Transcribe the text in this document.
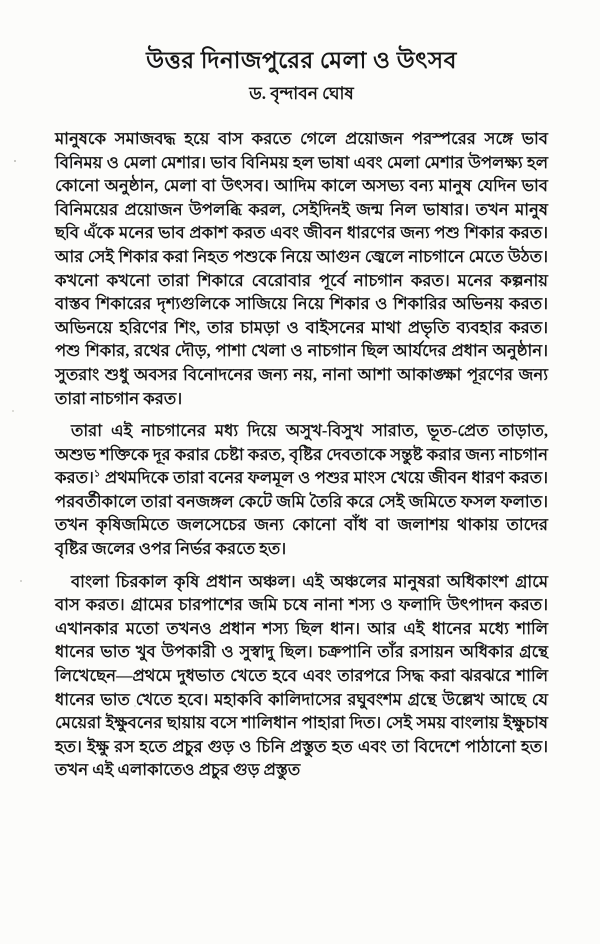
উত্তর দিনাজপুরের মেলা ও উৎসব
ড. বৃন্দাবন ঘোষ

মানুষকে সমাজবদ্ধ হয়ে বাস করতে গেলে প্রয়োজন পরস্পরের সঙ্গে ভাব বিনিময় ও মেলা মেশার। ভাব বিনিময় হল ভাষা এবং মেলা মেশার উপলক্ষ্য হল কোনো অনুষ্ঠান, মেলা বা উৎসব। আদিম কালে অসভ্য বন্য মানুষ যেদিন ভাব বিনিময়ের প্রয়োজন উপলব্ধি করল, সেইদিনই জন্ম নিল ভাষার। তখন মানুষ ছবি এঁকে মনের ভাব প্রকাশ করত এবং জীবন ধারণের জন্য পশু শিকার করত। আর সেই শিকার করা নিহত পশুকে নিয়ে আগুন জ্বেলে নাচগানে মেতে উঠত। কখনো কখনো তারা শিকারে বেরোবার পূর্বে নাচগান করত। মনের কল্পনায় বাস্তব শিকারের দৃশ্যগুলিকে সাজিয়ে নিয়ে শিকার ও শিকারির অভিনয় করত। অভিনয়ে হরিণের শিং, তার চামড়া ও বাইসনের মাথা প্রভৃতি ব্যবহার করত। পশু শিকার, রথের দৌড়, পাশা খেলা ও নাচগান ছিল আর্যদের প্রধান অনুষ্ঠান। সুতরাং শুধু অবসর বিনোদনের জন্য নয়, নানা আশা আকাঙ্ক্ষা পূরণের জন্য তারা নাচগান করত।

তারা এই নাচগানের মধ্য দিয়ে অসুখ-বিসুখ সারাত, ভূত-প্রেত তাড়াত, অশুভ শক্তিকে দূর করার চেষ্টা করত, বৃষ্টির দেবতাকে সন্তুষ্ট করার জন্য নাচগান করত।$^১$ প্রথমদিকে তারা বনের ফলমূল ও পশুর মাংস খেয়ে জীবন ধারণ করত। পরবর্তীকালে তারা বনজঙ্গল কেটে জমি তৈরি করে সেই জমিতে ফসল ফলাত। তখন কৃষিজমিতে জলসেচের জন্য কোনো বাঁধ বা জলাশয় থাকায় তাদের বৃষ্টির জলের ওপর নির্ভর করতে হত।

বাংলা চিরকাল কৃষি প্রধান অঞ্চল। এই অঞ্চলের মানুষরা অধিকাংশ গ্রামে বাস করত। গ্রামের চারপাশের জমি চষে নানা শস্য ও ফলাদি উৎপাদন করত। এখানকার মতো তখনও প্রধান শস্য ছিল ধান। আর এই ধানের মধ্যে শালি ধানের ভাত খুব উপকারী ও সুস্বাদু ছিল। চক্রপানি তাঁর রসায়ন অধিকার গ্রন্থে লিখেছেন—প্রথমে দুধভাত খেতে হবে এবং তারপরে সিদ্ধ করা ঝরঝরে শালি ধানের ভাত খেতে হবে। মহাকবি কালিদাসের রঘুবংশম গ্রন্থে উল্লেখ আছে যে মেয়েরা ইক্ষুবনের ছায়ায় বসে শালিধান পাহারা দিত। সেই সময় বাংলায় ইক্ষুচাষ হত। ইক্ষু রস হতে প্রচুর গুড় ও চিনি প্রস্তুত হত এবং তা বিদেশে পাঠানো হত। তখন এই এলাকাতেও প্রচুর গুড় প্রস্তুত
